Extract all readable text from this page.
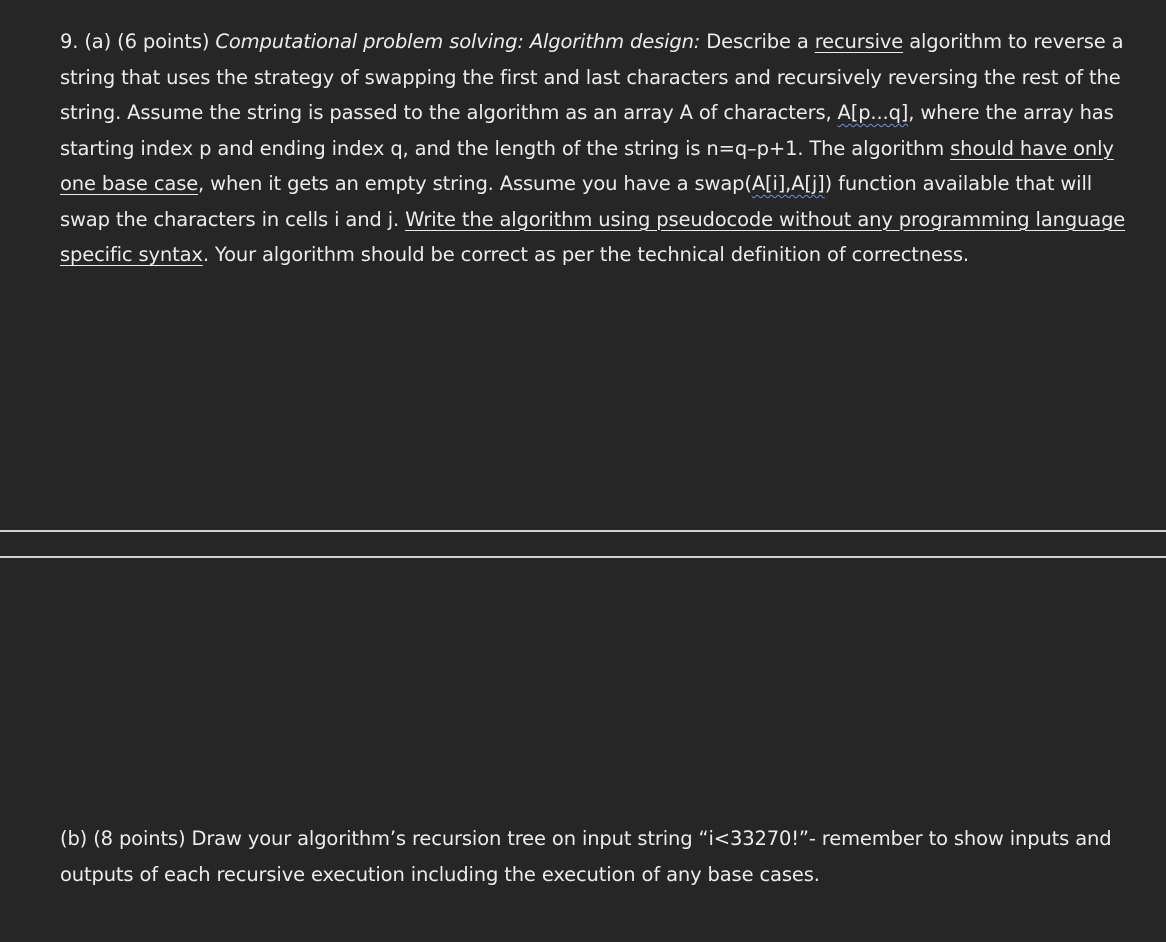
9. (a) (6 points) Computational problem solving: Algorithm design: Describe a recursive algorithm to reverse a string that uses the strategy of swapping the first and last characters and recursively reversing the rest of the string. Assume the string is passed to the algorithm as an array A of characters, A[p...q], where the array has starting index p and ending index q, and the length of the string is n=q–p+1. The algorithm should have only one base case, when it gets an empty string. Assume you have a swap(A[i],A[j]) function available that will swap the characters in cells i and j. Write the algorithm using pseudocode without any programming language specific syntax. Your algorithm should be correct as per the technical definition of correctness.
(b) (8 points) Draw your algorithm’s recursion tree on input string “i<33270!”- remember to show inputs and outputs of each recursive execution including the execution of any base cases.
